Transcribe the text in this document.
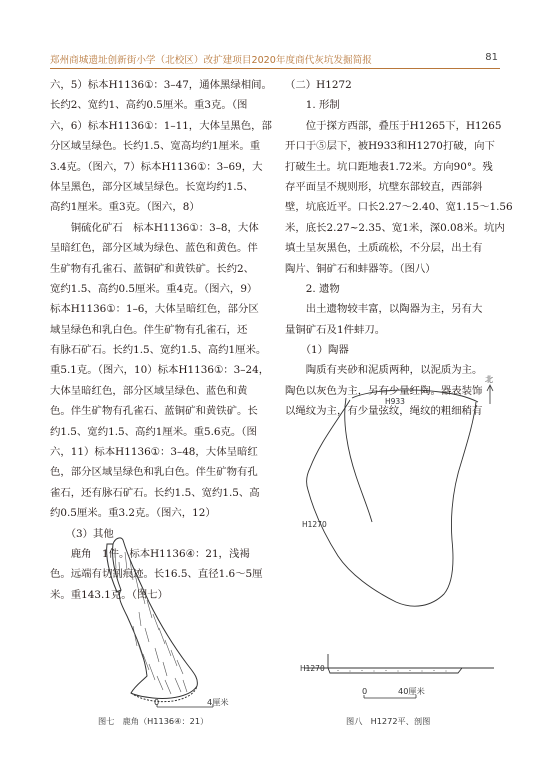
郑州商城遗址创新街小学（北校区）改扩建项目2020年度商代灰坑发掘简报	81
六，5）标本H1136①：3–47，通体黑绿相间。
长约2、宽约1、高约0.5厘米。重3克。（图
六，6）标本H1136①：1–11，大体呈黑色，部
分区域呈绿色。长约1.5、宽高均约1厘米。重
3.4克。（图六，7）标本H1136①：3–69，大
体呈黑色，部分区域呈绿色。长宽均约1.5、
高约1厘米。重3克。（图六，8）
　　铜硫化矿石　标本H1136①：3–8，大体
呈暗红色，部分区域为绿色、蓝色和黄色。伴
生矿物有孔雀石、蓝铜矿和黄铁矿。长约2、
宽约1.5、高约0.5厘米。重4克。（图六，9）
标本H1136①：1–6，大体呈暗红色，部分区
域呈绿色和乳白色。伴生矿物有孔雀石，还
有脉石矿石。长约1.5、宽约1.5、高约1厘米。
重5.1克。（图六，10）标本H1136①：3–24，
大体呈暗红色，部分区域呈绿色、蓝色和黄
色。伴生矿物有孔雀石、蓝铜矿和黄铁矿。长
约1.5、宽约1.5、高约1厘米。重5.6克。（图
六，11）标本H1136①：3–48，大体呈暗红
色，部分区域呈绿色和乳白色。伴生矿物有孔
雀石，还有脉石矿石。长约1.5、宽约1.5、高
约0.5厘米。重3.2克。（图六，12）
　　（3）其他
　　鹿角　1件。标本H1136④：21，浅褐
色。远端有切割痕迹。长16.5、直径1.6～5厘
米。重143.1克。（图七）
（二）H1272
　　1. 形制
　　位于探方西部，叠压于H1265下，H1265
开口于⑤层下，被H933和H1270打破，向下
打破生土。坑口距地表1.72米。方向90°。残
存平面呈不规则形，坑壁东部较直，西部斜
壁，坑底近平。口长2.27～2.40、宽1.15～1.56
米，底长2.27~2.35、宽1米，深0.08米。坑内
填土呈灰黑色，土质疏松，不分层，出土有
陶片、铜矿石和蚌器等。（图八）
　　2. 遗物
　　出土遗物较丰富，以陶器为主，另有大
量铜矿石及1件蚌刀。
　　（1）陶器
　　陶质有夹砂和泥质两种，以泥质为主。
陶色以灰色为主，另有少量红陶。器表装饰
以绳纹为主，有少量弦纹，绳纹的粗细稍有
0	4厘米
图七　鹿角（H1136④：21）
北
H933
H1270
H1270
0	40厘米
图八　H1272平、剖图
